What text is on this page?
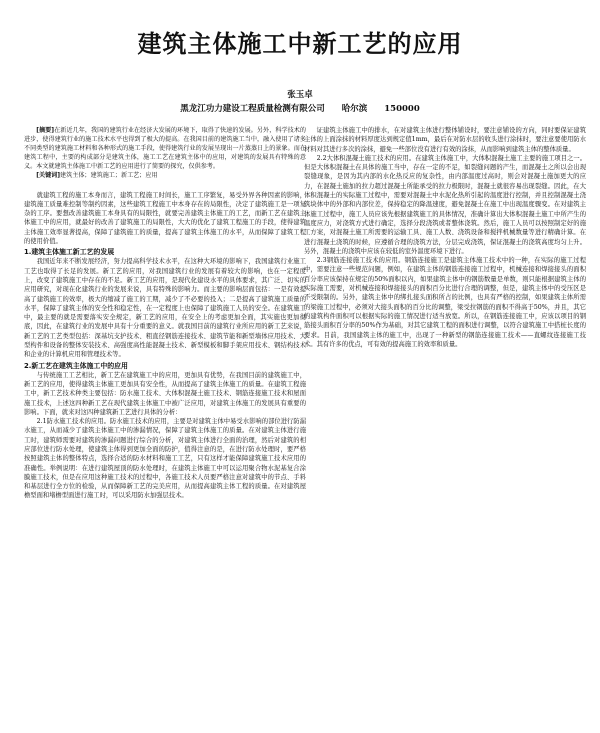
建筑主体施工中新工艺的应用
张玉卓
黑龙江功力建设工程质量检测有限公司　　哈尔滨　　150000

[摘要]在新近几年，我国的建筑行业在经济大发展的环境下，取得了快速的发展。另外，科学技术的进步，使得建筑行业的施工技术水平也得到了极大的提高。在我国目前的建筑施工当中，融入使用了诸多不同类型的建筑施工材料和各种形式的施工手段，使得建筑行业的发展呈现出一片蒸蒸日上的景象。而在建筑工程中，主要的构成部分是建筑主体，施工工艺在建筑主体中的应用，对建筑的发展具有特殊的意义。本文就建筑主体施工中新工艺的应用进行了简要的探究，仅供参考。

[关键词]建筑主体；建筑施工；新工艺；应用

就建筑工程的施工本身而言，建筑工程施工时间长，施工工序繁复，易受外界各种因素的影响，建筑施工质量难控制等制约因素，这些建筑工程施工中本身存在的局限性，决定了建筑施工是一项复杂的工序。要想改善建筑施工本身具有的局限性，就要完善建筑主体施工的工艺，而新工艺在建筑主体施工中的应用，就最好的改善了建筑施工的局限性，大大的优化了建筑工程施工的手段，使得建筑主体施工效率显著提高，保障了建筑施工的质量，提高了建筑主体施工的水平，从而保障了建筑工程的使用价值。

1.建筑主体施工新工艺的发展

我国近年来不断发展经济，努力提高科学技术水平，在这种大环境的影响下，我国建筑行业施工工艺也取得了长足的发展。新工艺的应用，对我国建筑行业的发展有着较大的影响，也在一定程度上，改变了建筑施工中存在的不足。新工艺的应用，是现代化建设水平的具体要求，其广泛、切实的应用研究，对现在化建筑行业的发展来说，具有特殊的影响力。而主要的影响层面包括：一是有效提高了建筑施工的效率，极大的缩减了施工的工期，减少了不必要的投入；二是提高了建筑施工质量的水平，保障了建筑主体的安全性和稳定性，在一定程度上也保障了建筑施工人员的安全。在建筑施工中，最主要的就是需要落实安全规定，新工艺的应用，在安全上的考虑更加全面，其实施也更加彻底，因此，在建筑行业的发展中具有十分重要的意义。就我国目前的建筑行业所应用的新工艺来说，新工艺的工艺类型包括：深基坑支护技术、粗直径钢筋连接技术、建筑节能和新型墙体应用技术、大型构件和设备的整体安装技术、高强度高性能混凝土技术、新型模板和脚手架应用技术、钢结构技术和企业的计算机应用和管理技术等。

2.新工艺在建筑主体施工中的应用

与传统施工工艺相比，新工艺在建筑施工中的应用，更加具有优势，在我国目前的建筑施工中，新工艺的应用，使得建筑主体施工更加具有安全性，从而提高了建筑主体施工的质量。在建筑工程施工中，新工艺技术种类主要包括：防水施工技术、大体积混凝土施工技术、钢筋连接施工技术和屋面施工技术，上述这四种新工艺在现代建筑主体施工中被广泛应用，对建筑主体施工的发展具有重要的影响。下面，就来对这四种建筑新工艺进行具体的分析：

2.1防水施工技术的应用。防水施工技术的应用，主要是对建筑主体中易受水影响的部位进行防漏水施工，从而减少了建筑主体施工中的渗漏情况，保障了建筑主体施工的质量。在对建筑主体进行施工时，建筑师需要对建筑的渗漏问题进行综合的分析，对建筑主体进行全面的治理，然后对建筑的相应部位进行防水处理，使建筑主体得到更加全面的防护，值得注意的是，在进行防水处理时，要严格按照建筑主体的整体特点，选择合适的防水材料和施工工艺，只有这样才能保障建筑施工技术应用的准确性。举例说明：在进行建筑屋顶的防水处理时，在建筑主体施工中可以运用聚合物水泥基复合涂膜施工技术，但是在应用这种施工技术的过程中，各施工技术人员要严格注意对建筑中的节点、手料和基层进行全方位的检验，从而保障新工艺的完美应用，从而提高建筑主体工程的质量。在对建筑屋檐型面和堵檐型面进行施工时，可以采用防水加强层技术。

证建筑主体施工中的排水，在对建筑主体进行整体铺设时，要注意铺设的方向，同时要保证建筑主体的上面涂抹的材料厚度达到规定值1mm，最后在对防水层的收头进行涂抹时，要注意要使用防水材料对其进行多次的涂抹，避免一些部位没有进行有效的涂抹，从而影响到建筑主体的整体质量。

2.2大体积混凝土施工技术的应用。在建筑主体施工中，大体积混凝土施工主要的施工项目之一。但是大体积混凝土在具体的施工当中，存在一定的不足，如裂缝问题的产生，而混凝土之所以会出现裂缝现象，是因为其内部的水化热反应的复杂性，由内部温度过高时，则会对混凝土施加更大的应力，在混凝土施加的拉力超过混凝土所能承受的拉力极限时，混凝土就很容易出现裂缝。因此，在大体积混凝土的实际施工过程中，需要对混凝土中水泥化热所引起的温度进行控制，并且控制混凝土浇筑块体中的外部和内部位差，保持稳定的降温速度，避免混凝土在施工中出现温度骤变。在对建筑主体施工过程中，施工人员应该先根据建筑施工的具体情况，准确计算出大体积混凝土施工中所产生的温度应力，对浇筑方式进行确定，选择分段浇筑或者整体浇筑。然后，施工人员可以按照制定好的施工方案，对混凝土施工所需要的运输工具、施工人数、浇筑设备和搅拌机械数量等进行精确计算。在进行混凝土浇筑的时候，应遵循合理的浇筑方法，分层完成浇筑，保证混凝土的浇筑高度均匀上升。另外，混凝土的浇筑中应该在较低的室外温度环境下进行。

2.3钢筋连接施工技术的应用。钢筋连接施工是建筑主体施工技术中的一种，在实际的施工过程中，需要注意一些规范问题，例如，在建筑主体的钢筋连接施工过程中，机械连接和焊接接头的面积百分率应该保持在规定的50%面积以内，如果建筑主体中的钢筋数量是单数，则只能根据建筑主体的实际施工需要，对机械连接和焊接接头的面积百分比进行合理的调整，但是，建筑主体中的受压区是不受限制的。另外，建筑主体中的绑扎接头面积所占的比例，也具有严格的控制，如果建筑主体所需的梁施工过程中，必须对大接头面积的百分比的调整，梁受拉钢筋的面积不得高于50%，并且，其它的建筑构件面积可以根据实际的施工情况进行适当放宽。所以，在钢筋连接施工中，应该以项目的钢筋接头面积百分率的50%作为基础，对其它建筑工程的面积进行调整，以符合建筑施工中搭桩长度的要求。目前，我国建筑主体的施工中，出现了一种新型的钢筋连接施工技术——直螺纹连接施工技术。其有许多的优点，可有效的提高施工的效率和质量。
